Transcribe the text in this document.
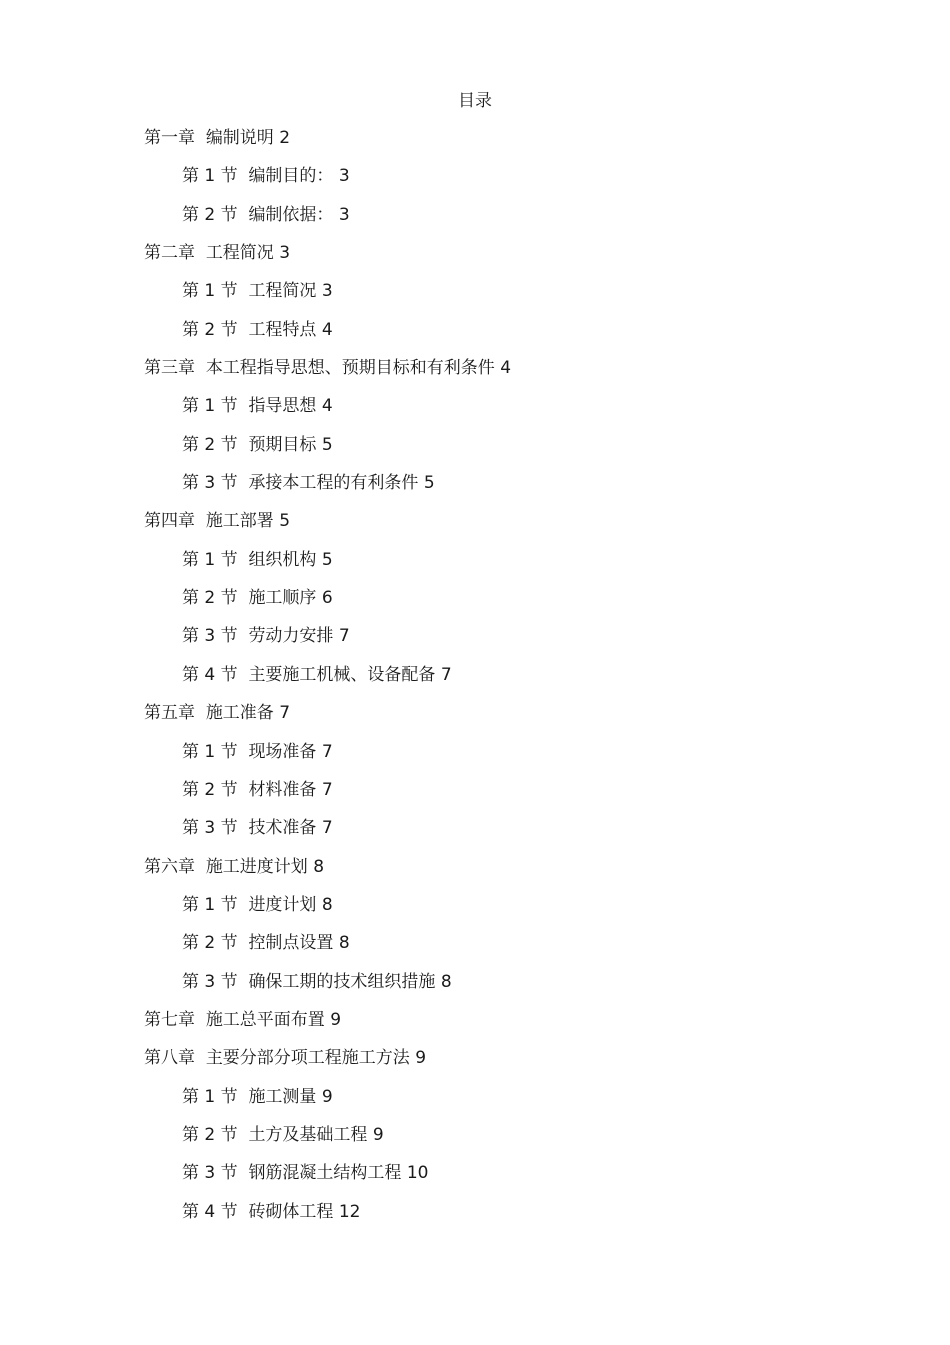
目录
第一章 编制说明 2
第 1 节 编制目的： 3
第 2 节 编制依据： 3
第二章 工程简况 3
第 1 节 工程简况 3
第 2 节 工程特点 4
第三章 本工程指导思想、预期目标和有利条件 4
第 1 节 指导思想 4
第 2 节 预期目标 5
第 3 节 承接本工程的有利条件 5
第四章 施工部署 5
第 1 节 组织机构 5
第 2 节 施工顺序 6
第 3 节 劳动力安排 7
第 4 节 主要施工机械、设备配备 7
第五章 施工准备 7
第 1 节 现场准备 7
第 2 节 材料准备 7
第 3 节 技术准备 7
第六章 施工进度计划 8
第 1 节 进度计划 8
第 2 节 控制点设置 8
第 3 节 确保工期的技术组织措施 8
第七章 施工总平面布置 9
第八章 主要分部分项工程施工方法 9
第 1 节 施工测量 9
第 2 节 土方及基础工程 9
第 3 节 钢筋混凝土结构工程 10
第 4 节 砖砌体工程 12
